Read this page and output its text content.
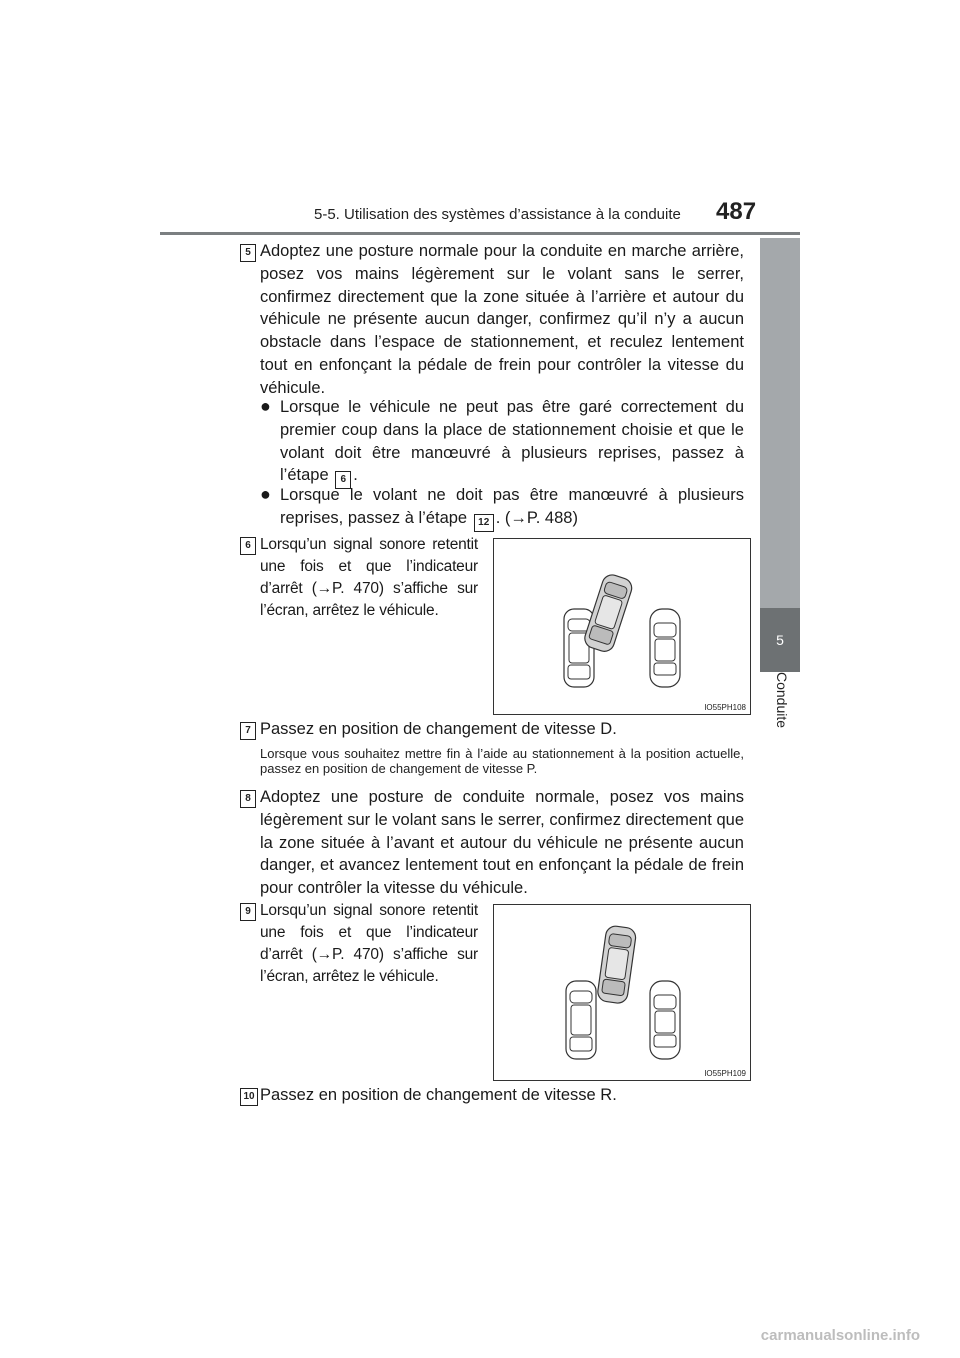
5-5. Utilisation des systèmes d’assistance à la conduite 487
5
Conduite
5 Adoptez une posture normale pour la conduite en marche arrière, posez vos mains légèrement sur le volant sans le serrer, confirmez directement que la zone située à l’arrière et autour du véhicule ne présente aucun danger, confirmez qu’il n’y a aucun obstacle dans l’espace de stationnement, et reculez lentement tout en enfonçant la pédale de frein pour contrôler la vitesse du véhicule.
● Lorsque le véhicule ne peut pas être garé correctement du premier coup dans la place de stationnement choisie et que le volant doit être manœuvré à plusieurs reprises, passez à l’étape 6 .
● Lorsque le volant ne doit pas être manœuvré à plusieurs reprises, passez à l’étape 12 . (→P. 488)
6 Lorsqu’un signal sonore retentit une fois et que l’indicateur d’arrêt (→P. 470) s’affiche sur l’écran, arrêtez le véhicule.
IO55PH108
7 Passez en position de changement de vitesse D.
Lorsque vous souhaitez mettre fin à l’aide au stationnement à la position actuelle, passez en position de changement de vitesse P.
8 Adoptez une posture de conduite normale, posez vos mains légèrement sur le volant sans le serrer, confirmez directement que la zone située à l’avant et autour du véhicule ne présente aucun danger, et avancez lentement tout en enfonçant la pédale de frein pour contrôler la vitesse du véhicule.
9 Lorsqu’un signal sonore retentit une fois et que l’indicateur d’arrêt (→P. 470) s’affiche sur l’écran, arrêtez le véhicule.
IO55PH109
10 Passez en position de changement de vitesse R.
carmanualsonline.info
